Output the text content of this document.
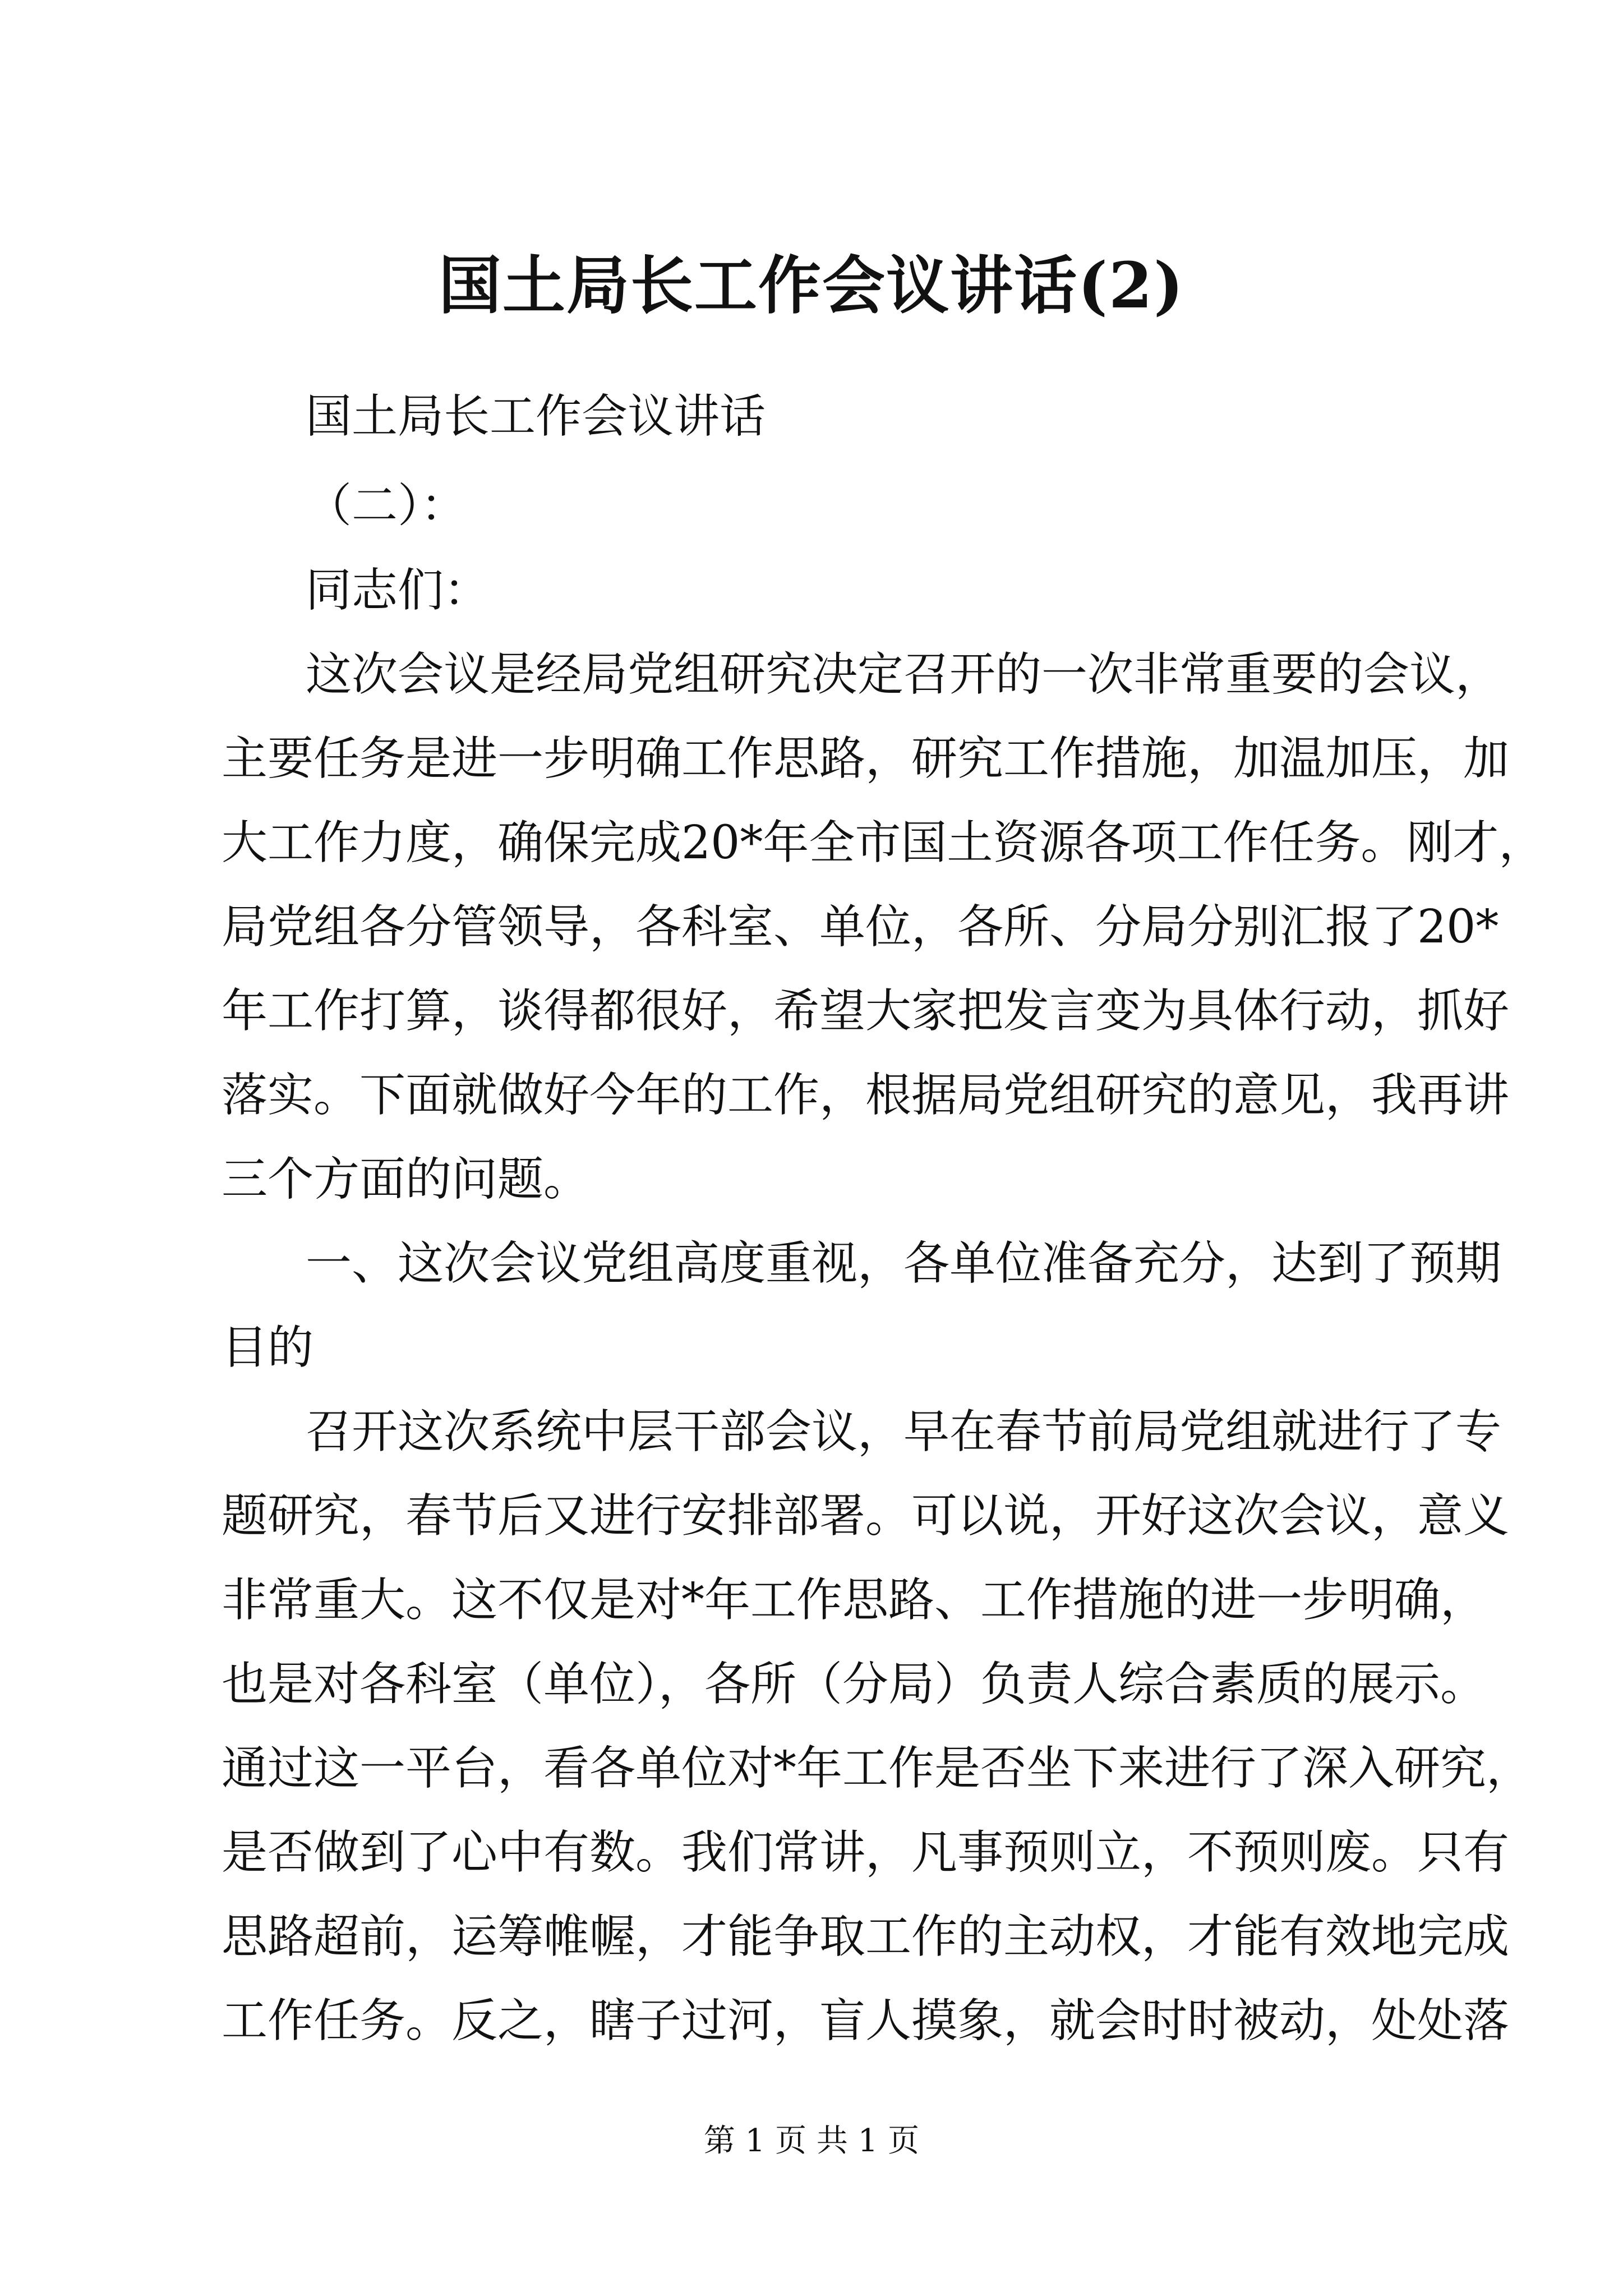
国土局长工作会议讲话(2)
国土局长工作会议讲话
（二）：
同志们：
这次会议是经局党组研究决定召开的一次非常重要的会议，
主要任务是进一步明确工作思路，研究工作措施，加温加压，加
大工作力度，确保完成20*年全市国土资源各项工作任务。刚才，
局党组各分管领导，各科室、单位，各所、分局分别汇报了20*
年工作打算，谈得都很好，希望大家把发言变为具体行动，抓好
落实。下面就做好今年的工作，根据局党组研究的意见，我再讲
三个方面的问题。
一、这次会议党组高度重视，各单位准备充分，达到了预期
目的
召开这次系统中层干部会议，早在春节前局党组就进行了专
题研究，春节后又进行安排部署。可以说，开好这次会议，意义
非常重大。这不仅是对*年工作思路、工作措施的进一步明确，
也是对各科室（单位），各所（分局）负责人综合素质的展示。
通过这一平台，看各单位对*年工作是否坐下来进行了深入研究，
是否做到了心中有数。我们常讲，凡事预则立，不预则废。只有
思路超前，运筹帷幄，才能争取工作的主动权，才能有效地完成
工作任务。反之，瞎子过河，盲人摸象，就会时时被动，处处落
第 1 页 共 1 页
